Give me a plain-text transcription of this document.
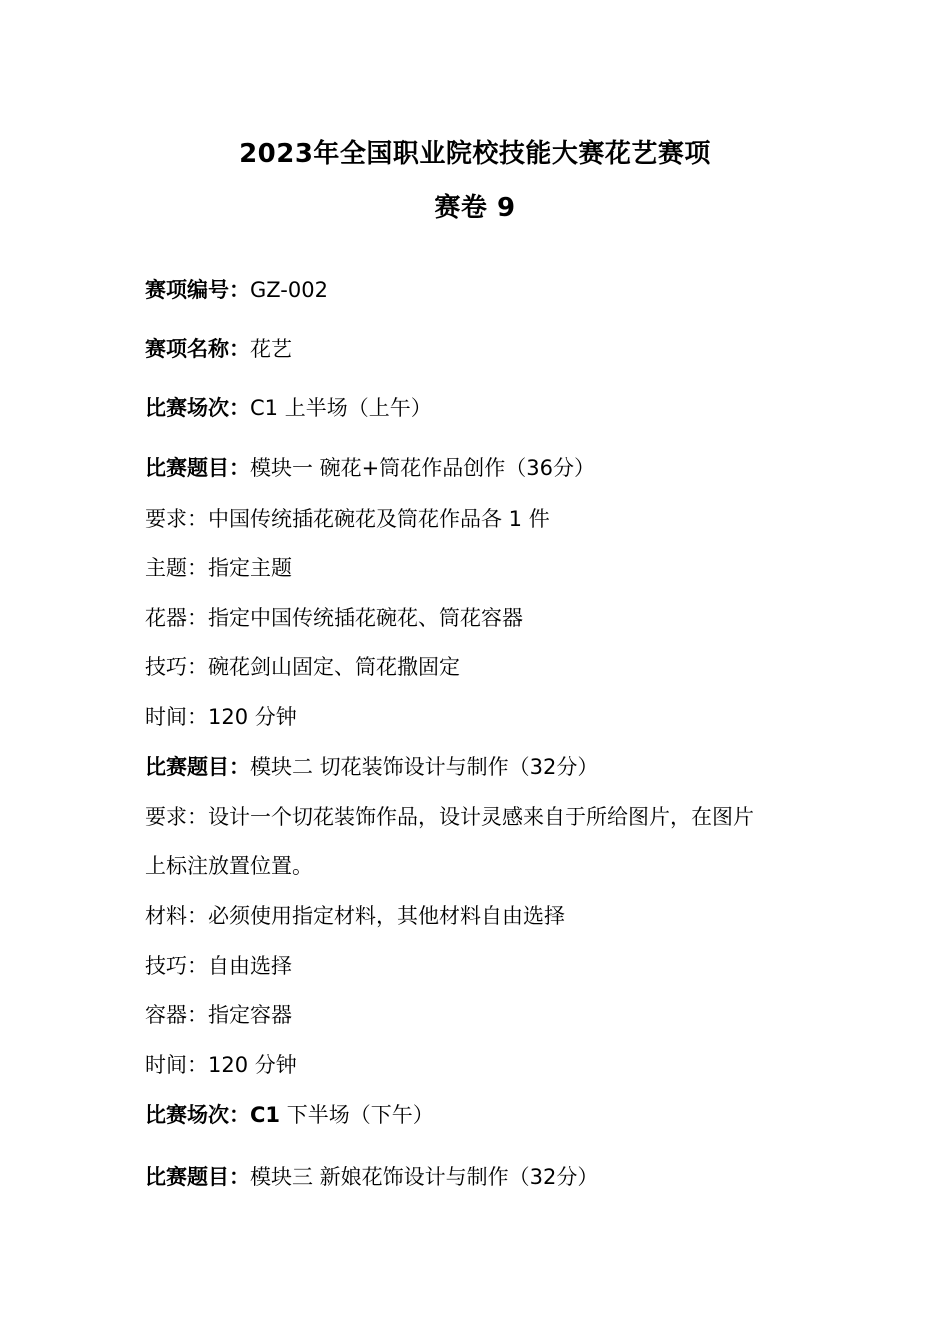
2023年全国职业院校技能大赛花艺赛项
赛卷 9
赛项编号：GZ-002
赛项名称：花艺
比赛场次：C1 上半场（上午）
比赛题目：模块一 碗花+筒花作品创作（36分）
要求：中国传统插花碗花及筒花作品各 1 件
主题：指定主题
花器：指定中国传统插花碗花、筒花容器
技巧：碗花剑山固定、筒花撒固定
时间：120 分钟
比赛题目：模块二 切花装饰设计与制作（32分）
要求：设计一个切花装饰作品，设计灵感来自于所给图片，在图片
上标注放置位置。
材料：必须使用指定材料，其他材料自由选择
技巧：自由选择
容器：指定容器
时间：120 分钟
比赛场次：C1 下半场（下午）
比赛题目：模块三 新娘花饰设计与制作（32分）
